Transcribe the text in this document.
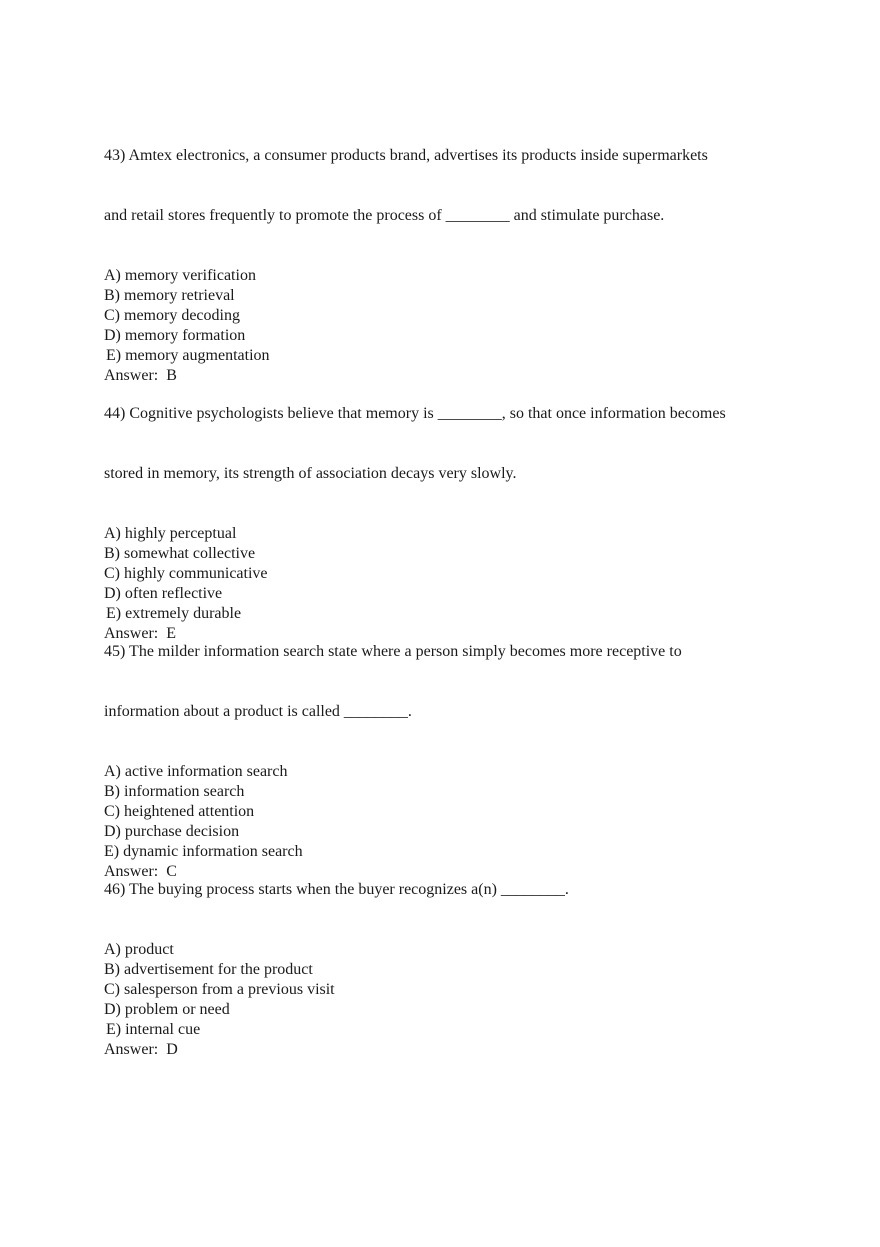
43) Amtex electronics, a consumer products brand, advertises its products inside supermarkets

and retail stores frequently to promote the process of ________ and stimulate purchase.

A) memory verification
B) memory retrieval
C) memory decoding
D) memory formation
E) memory augmentation
Answer:  B

44) Cognitive psychologists believe that memory is ________, so that once information becomes

stored in memory, its strength of association decays very slowly.

A) highly perceptual
B) somewhat collective
C) highly communicative
D) often reflective
E) extremely durable
Answer:  E

45) The milder information search state where a person simply becomes more receptive to

information about a product is called ________.

A) active information search
B) information search
C) heightened attention
D) purchase decision
E) dynamic information search
Answer:  C

46) The buying process starts when the buyer recognizes a(n) ________.

A) product
B) advertisement for the product
C) salesperson from a previous visit
D) problem or need
E) internal cue
Answer:  D
